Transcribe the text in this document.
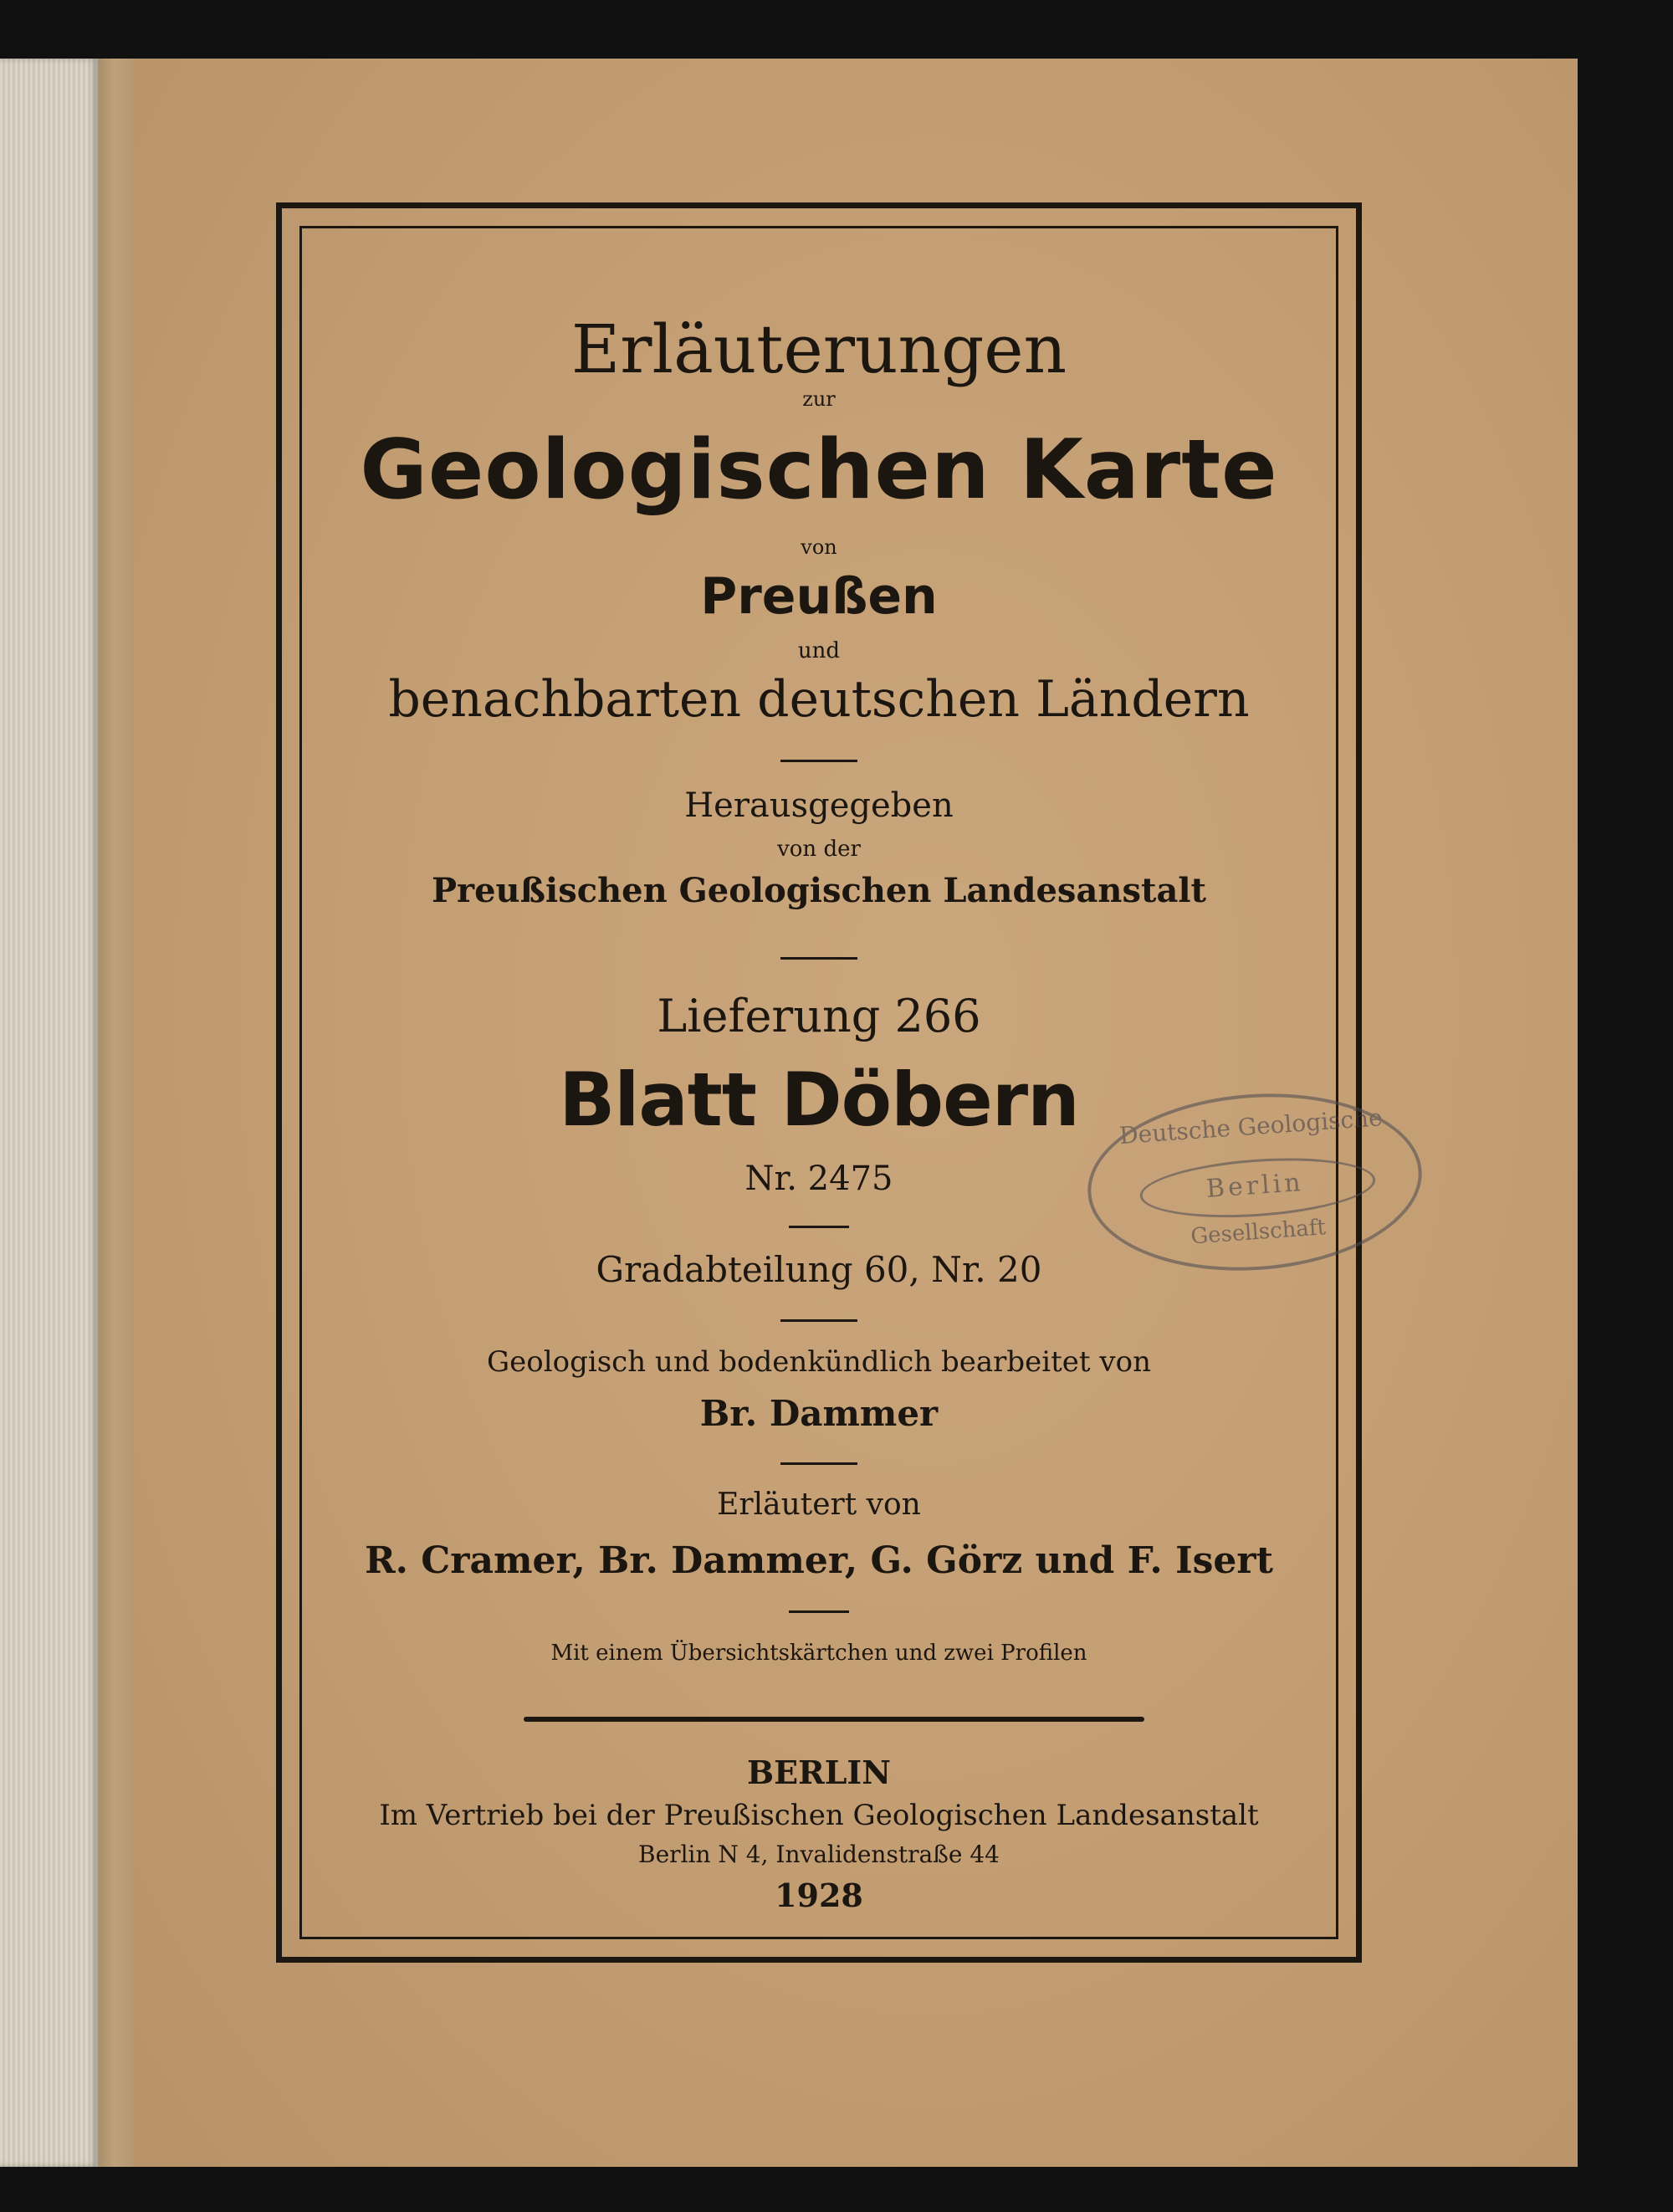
Erläuterungen
zur
Geologischen Karte
von
Preußen
und
benachbarten deutschen Ländern
Herausgegeben
von der
Preußischen Geologischen Landesanstalt
Lieferung 266
Blatt Döbern
Nr. 2475
Gradabteilung 60, Nr. 20
Geologisch und bodenkündlich bearbeitet von
Br. Dammer
Erläutert von
R. Cramer, Br. Dammer, G. Görz und F. Isert
Mit einem Übersichtskärtchen und zwei Profilen
BERLIN
Im Vertrieb bei der Preußischen Geologischen Landesanstalt
Berlin N 4, Invalidenstraße 44
1928
Deutsche Geologische
Berlin
Gesellschaft
